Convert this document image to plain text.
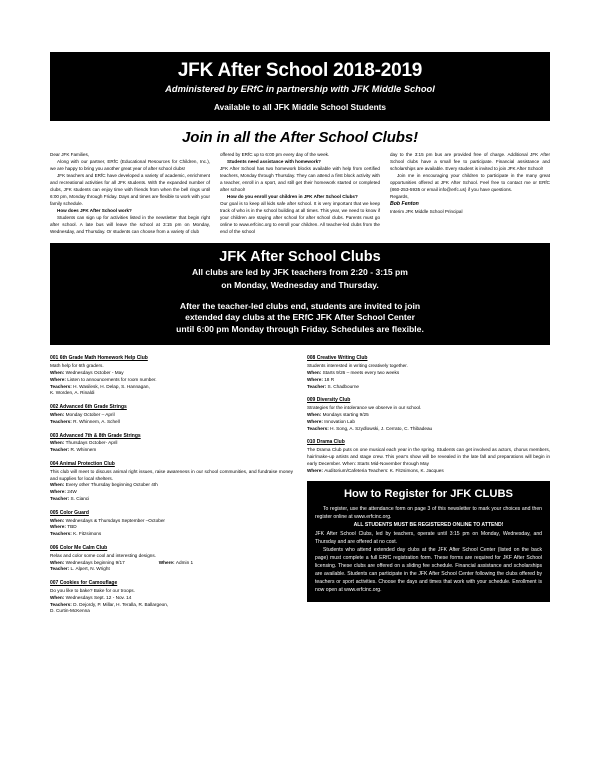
JFK After School 2018-2019
Administered by ERfC in partnership with JFK Middle School
Available to all JFK Middle School Students
Join in all the After School Clubs!

Dear JFK Families,

Along with our partner, ERfC (Educational Resources for Children, Inc.), we are happy to bring you another great year of after school clubs!

JFK teachers and ERfC have developed a variety of academic, enrichment and recreational activities for all JFK students. With the expanded number of clubs, JFK students can enjoy time with friends from when the bell rings until 6:00 pm, Monday through Friday. Days and times are flexible to work with your family schedule.

How does JFK After School work?

Students can sign up for activities listed in the newsletter that begin right after school. A late bus will leave the school at 3:15 pm on Monday, Wednesday, and Thursday. Or students can choose from a variety of club

offered by ERfC up to 6:00 pm every day of the week.

Students need assistance with homework?

JFK After School has two homework blocks available with help from certified teachers, Monday through Thursday. They can attend a first block activity with a teacher, enroll in a sport, and still get their homework started or completed after school!

How do you enroll your children in JFK After School Clubs?

Our goal is to keep all kids safe after school. It is very important that we keep track of who is in the school building at all times. This year, we need to know if your children are staying after school for after school clubs. Parents must go online to www.erfcinc.org to enroll your children. All teacher-led clubs from the end of the school

day to the 3:15 pm bus are provided free of charge. Additional JFK After School clubs have a small fee to participate. Financial assistance and scholarships are available. Every student is invited to join JFK After School!

Join me in encouraging your children to participate in the many great opportunities offered at JFK After School. Feel free to contact me or ERfC (860-253-5935 or email info@erfc.us) if you have questions.

Regards,

Bob Fenton

Interim JFK Middle School Principal

JFK After School Clubs
All clubs are led by JFK teachers from 2:20 - 3:15 pm
on Monday, Wednesday and Thursday.
After the teacher-led clubs end, students are invited to join
extended day clubs at the ERfC JFK After School Center
until 6:00 pm Monday through Friday. Schedules are flexible.
001 6th Grade Math Homework Help Club
Math help for 6th graders.
When: Wednesdays October - May
Where: Listen to announcements for room number.
Teachers: H. Wasilesk, H. Delap, S. Hannagan,
K. Worden, A. Rinaldi
002 Advanced 6th Grade Strings
When: Monday October – April
Teachers: R. Whinnem, A. Schell
003 Advanced 7th & 8th Grade Strings
When: Thursdays October- April
Teacher: R. Whinnem
004 Animal Protection Club
This club will meet to discuss animal right issues, raise awareness in our school communities, and fundraise money and supplies for local shelters.
When: Every other Thursday beginning October 4th
Where: 24W
Teacher: S. Cianci
005 Color Guard
When: Wednesdays & Thursdays September –October
Where: TBD
Teachers: K. Fitzsimons
006 Color Me Calm Club
Relax and color some cool and interesting designs.
When: Wednesdays beginning 9/17	Where: Admin 1
Teacher: L. Alpert, N. Wright
007 Cookies for Camouflage
Do you like to bake? Bake for our troops.
When: Wednesdays Sept. 12 - Nov. 14
Teachers: D. Dejordy, P. Millar, H. Teralla, R. Ballargeon,
D. Curtin-McKenna
008 Creative Writing Club
Students interested in writing creatively together.
When: Starts 9/26 – meets every two weeks
Where: 18 R
Teacher: S. Chadbourne
009 Diversity Club
Strategies for the intolerance we observe in our school.
When: Mondays starting 9/25
Where: Innovation Lab
Teachers: H. Song, A. Szydlowski, J. Cerrato, C. Thibadeau
010 Drama Club
The Drama Club puts on one musical each year in the spring. Students can get involved as actors, chorus members, hair/make-up artists and stage crew. This year's show will be revealed in the late fall and preparations will begin in early December. When: Starts Mid-November through May
Where: Auditorium/Cafeteria Teachers: K. Fitzsimons, K. Jacques
How to Register for JFK CLUBS

To register, use the attendance form on page 3 of this newsletter to mark your choices and then register online at www.erfcinc.org.

ALL STUDENTS MUST BE REGISTERED ONLINE TO ATTEND!

JFK After School Clubs, led by teachers, operate until 3:15 pm on Monday, Wednesday, and Thursday and are offered at no cost.

Students who attend extended day clubs at the JFK After School Center (listed on the back page) must complete a full ERfC registration form. These forms are required for JKF After School licensing. These clubs are offered on a sliding fee schedule. Financial assistance and scholarships are available. Students can participate in the JFK After School Center following the clubs offered by teachers or sport activities. Choose the days and times that work with your schedule. Enrollment is now open at www.erfcinc.org.
